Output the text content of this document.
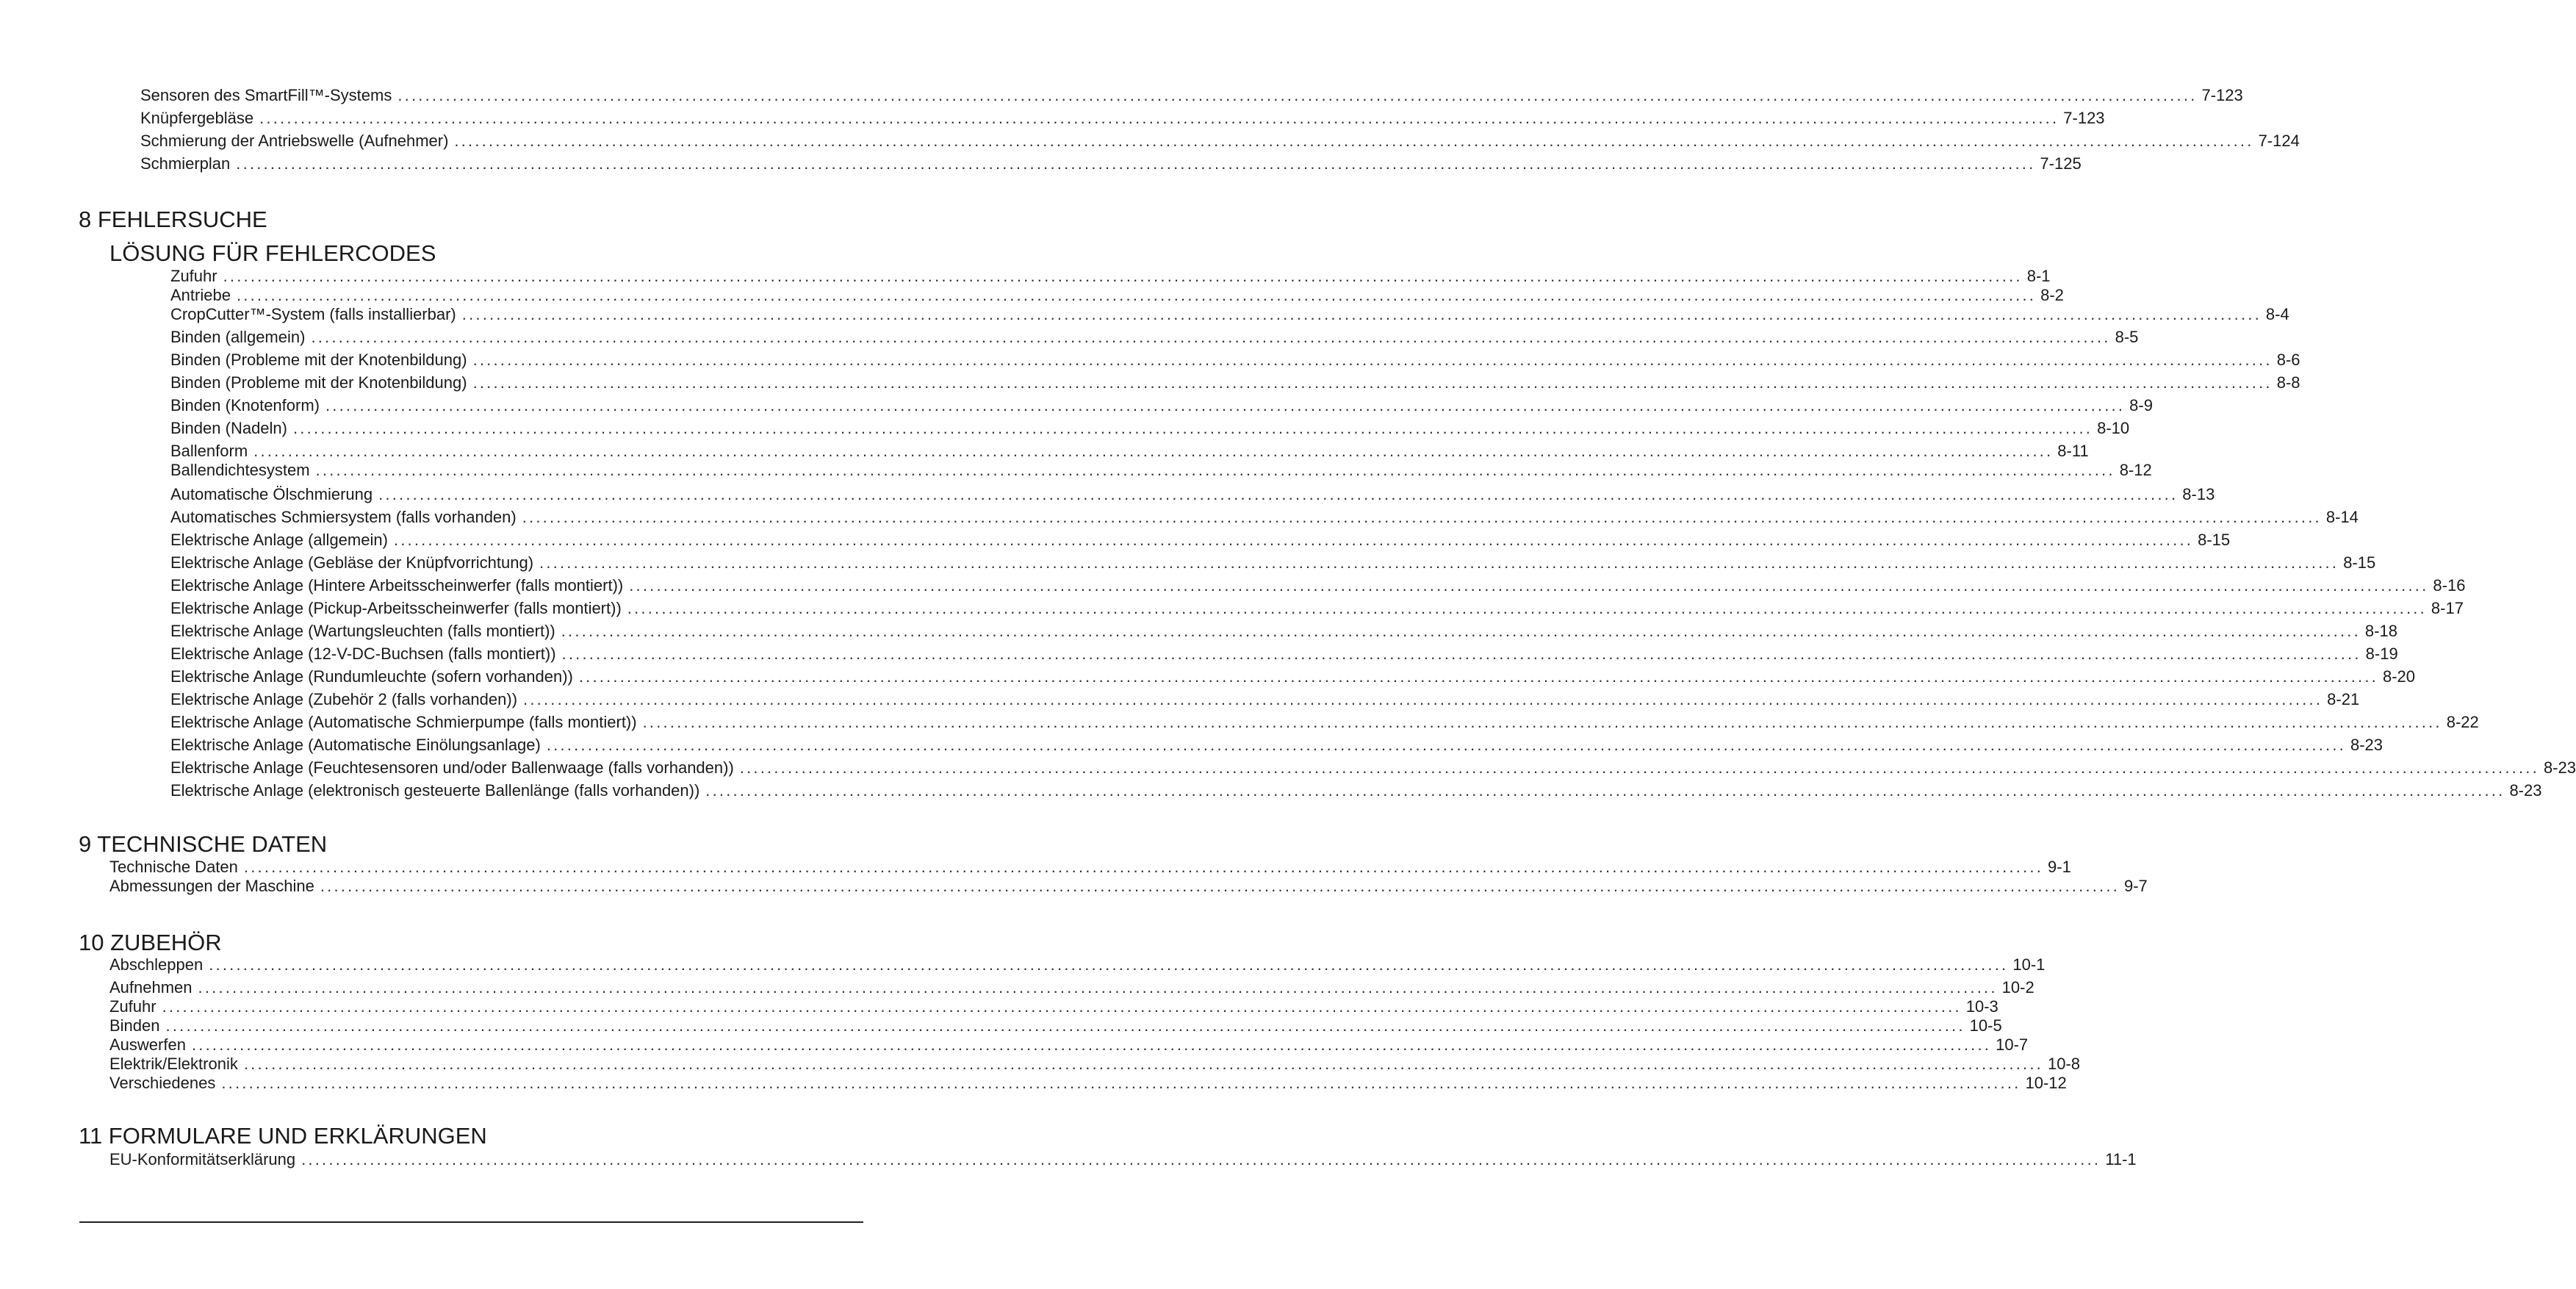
Sensoren des SmartFill™-Systems ....................................................................................................................................................................................................................................................................... 7-123
Knüpfergebläse ....................................................................................................................................................................................................................................................................... 7-123
Schmierung der Antriebswelle (Aufnehmer) ....................................................................................................................................................................................................................................................................... 7-124
Schmierplan ....................................................................................................................................................................................................................................................................... 7-125
8 FEHLERSUCHE
LÖSUNG FÜR FEHLERCODES
Zufuhr ....................................................................................................................................................................................................................................................................... 8-1
Antriebe ....................................................................................................................................................................................................................................................................... 8-2
CropCutter™-System (falls installierbar) ....................................................................................................................................................................................................................................................................... 8-4
Binden (allgemein) ....................................................................................................................................................................................................................................................................... 8-5
Binden (Probleme mit der Knotenbildung) ....................................................................................................................................................................................................................................................................... 8-6
Binden (Probleme mit der Knotenbildung) ....................................................................................................................................................................................................................................................................... 8-8
Binden (Knotenform) ....................................................................................................................................................................................................................................................................... 8-9
Binden (Nadeln) ....................................................................................................................................................................................................................................................................... 8-10
Ballenform ....................................................................................................................................................................................................................................................................... 8-11
Ballendichtesystem ....................................................................................................................................................................................................................................................................... 8-12
Automatische Ölschmierung ....................................................................................................................................................................................................................................................................... 8-13
Automatisches Schmiersystem (falls vorhanden) ....................................................................................................................................................................................................................................................................... 8-14
Elektrische Anlage (allgemein) ....................................................................................................................................................................................................................................................................... 8-15
Elektrische Anlage (Gebläse der Knüpfvorrichtung) ....................................................................................................................................................................................................................................................................... 8-15
Elektrische Anlage (Hintere Arbeitsscheinwerfer (falls montiert)) ....................................................................................................................................................................................................................................................................... 8-16
Elektrische Anlage (Pickup-Arbeitsscheinwerfer (falls montiert)) ....................................................................................................................................................................................................................................................................... 8-17
Elektrische Anlage (Wartungsleuchten (falls montiert)) ....................................................................................................................................................................................................................................................................... 8-18
Elektrische Anlage (12-V-DC-Buchsen (falls montiert)) ....................................................................................................................................................................................................................................................................... 8-19
Elektrische Anlage (Rundumleuchte (sofern vorhanden)) ....................................................................................................................................................................................................................................................................... 8-20
Elektrische Anlage (Zubehör 2 (falls vorhanden)) ....................................................................................................................................................................................................................................................................... 8-21
Elektrische Anlage (Automatische Schmierpumpe (falls montiert)) ....................................................................................................................................................................................................................................................................... 8-22
Elektrische Anlage (Automatische Einölungsanlage) ....................................................................................................................................................................................................................................................................... 8-23
Elektrische Anlage (Feuchtesensoren und/oder Ballenwaage (falls vorhanden)) ....................................................................................................................................................................................................................................................................... 8-23
Elektrische Anlage (elektronisch gesteuerte Ballenlänge (falls vorhanden)) ....................................................................................................................................................................................................................................................................... 8-23
9 TECHNISCHE DATEN
Technische Daten ....................................................................................................................................................................................................................................................................... 9-1
Abmessungen der Maschine ....................................................................................................................................................................................................................................................................... 9-7
10 ZUBEHÖR
Abschleppen ....................................................................................................................................................................................................................................................................... 10-1
Aufnehmen ....................................................................................................................................................................................................................................................................... 10-2
Zufuhr ....................................................................................................................................................................................................................................................................... 10-3
Binden ....................................................................................................................................................................................................................................................................... 10-5
Auswerfen ....................................................................................................................................................................................................................................................................... 10-7
Elektrik/Elektronik ....................................................................................................................................................................................................................................................................... 10-8
Verschiedenes ....................................................................................................................................................................................................................................................................... 10-12
11 FORMULARE UND ERKLÄRUNGEN
EU-Konformitätserklärung ....................................................................................................................................................................................................................................................................... 11-1
